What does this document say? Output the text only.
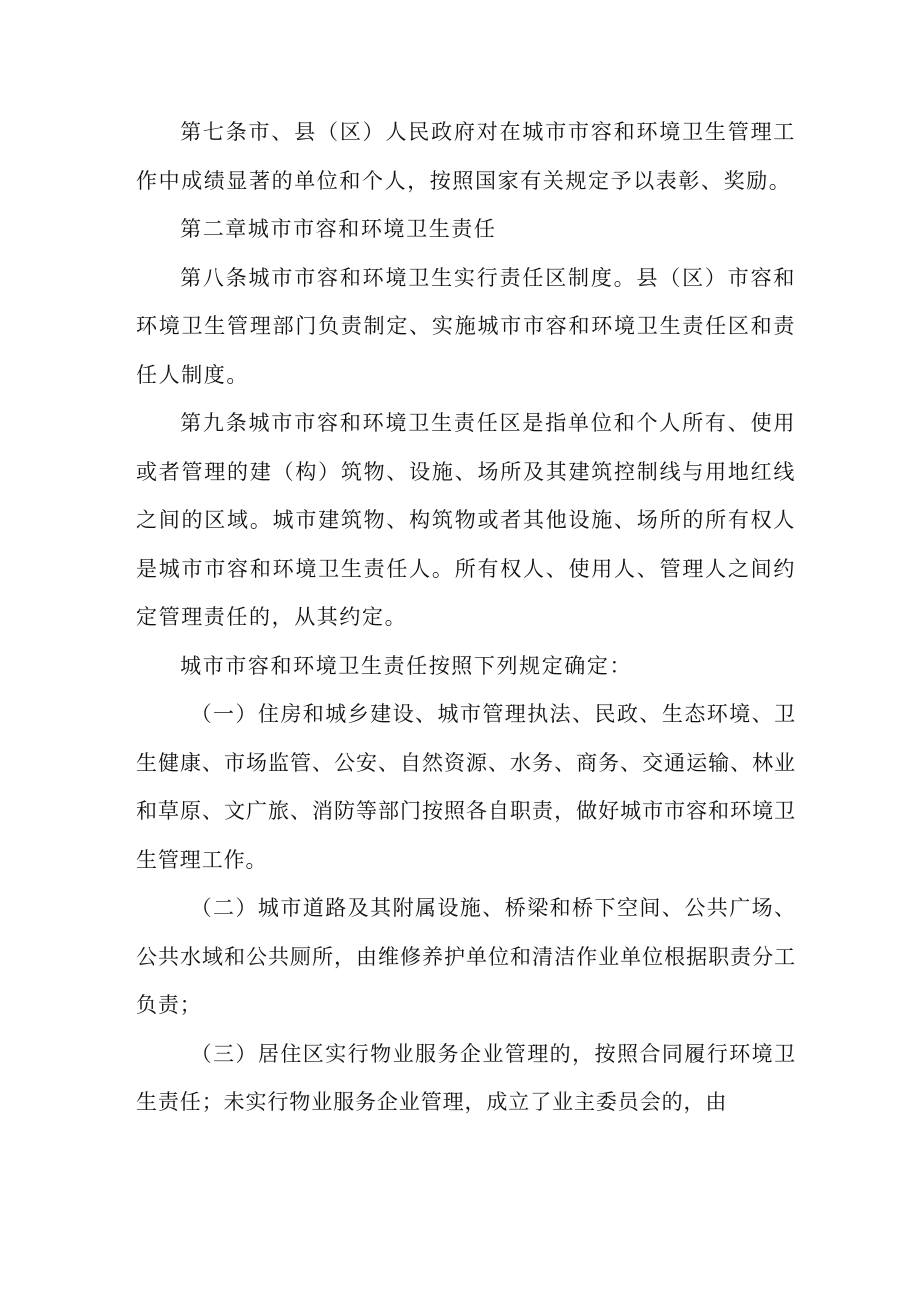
第七条市、县（区）人民政府对在城市市容和环境卫生管理工作中成绩显著的单位和个人，按照国家有关规定予以表彰、奖励。

第二章城市市容和环境卫生责任

第八条城市市容和环境卫生实行责任区制度。县（区）市容和环境卫生管理部门负责制定、实施城市市容和环境卫生责任区和责任人制度。

第九条城市市容和环境卫生责任区是指单位和个人所有、使用或者管理的建（构）筑物、设施、场所及其建筑控制线与用地红线之间的区域。城市建筑物、构筑物或者其他设施、场所的所有权人是城市市容和环境卫生责任人。所有权人、使用人、管理人之间约定管理责任的，从其约定。

城市市容和环境卫生责任按照下列规定确定：

（一）住房和城乡建设、城市管理执法、民政、生态环境、卫生健康、市场监管、公安、自然资源、水务、商务、交通运输、林业和草原、文广旅、消防等部门按照各自职责，做好城市市容和环境卫生管理工作。

（二）城市道路及其附属设施、桥梁和桥下空间、公共广场、公共水域和公共厕所，由维修养护单位和清洁作业单位根据职责分工负责；

（三）居住区实行物业服务企业管理的，按照合同履行环境卫生责任；未实行物业服务企业管理，成立了业主委员会的，由
